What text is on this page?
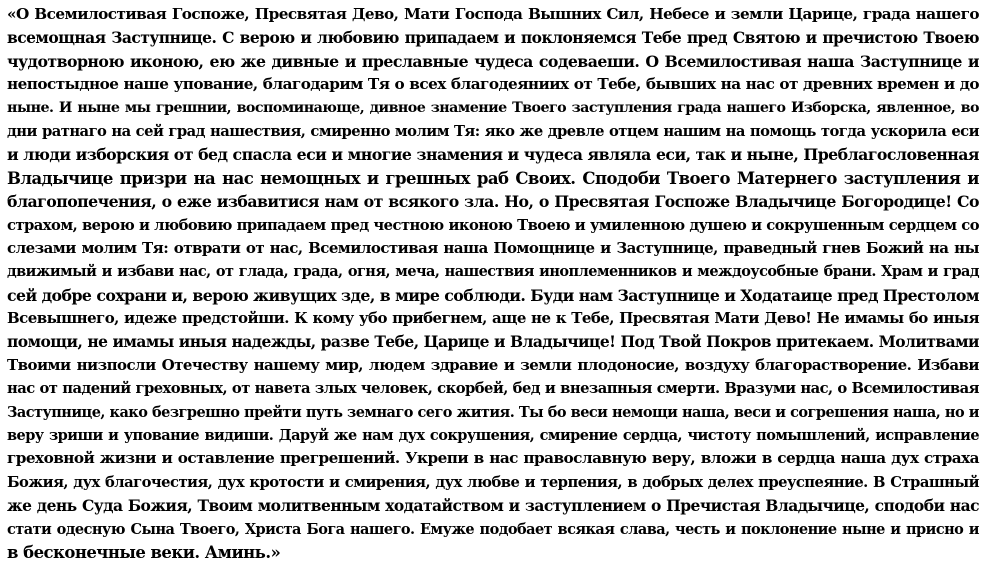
«О Всемилостивая Госпоже, Пресвятая Дево, Мати Господа Вышних Сил, Небесе и земли Царице, града нашего
всемощная Заступнице. С верою и любовию припадаем и поклоняемся Тебе пред Святою и пречистою Твоею
чудотворною иконою, ею же дивные и преславные чудеса содеваеши. О Всемилостивая наша Заступнице и
непостыдное наше упование, благодарим Тя о всех благодеяниих от Тебе, бывших на нас от древних времен и до
ныне. И ныне мы грешнии, воспоминающе, дивное знамение Твоего заступления града нашего Изборска, явленное, во
дни ратнаго на сей град нашествия, смиренно молим Тя: яко же древле отцем нашим на помощь тогда ускорила еси
и люди изборския от бед спасла еси и многие знамения и чудеса являла еси, так и ныне, Преблагословенная
Владычице призри на нас немощных и грешных раб Своих. Сподоби Твоего Матернего заступления и
благопопечения, о еже избавитися нам от всякого зла. Но, о Пресвятая Госпоже Владычице Богородице! Со
страхом, верою и любовию припадаем пред честною иконою Твоею и умиленною душею и сокрушенным сердцем со
слезами молим Тя: отврати от нас, Всемилостивая наша Помощнице и Заступнице, праведный гнев Божий на ны
движимый и избави нас, от глада, града, огня, меча, нашествия иноплеменников и междоусобные брани. Храм и град
сей добре сохрани и, верою живущих зде, в мире соблюди. Буди нам Заступнице и Ходатаице пред Престолом
Всевышнего, идеже предстойши. К кому убо прибегнем, аще не к Тебе, Пресвятая Мати Дево! Не имамы бо иныя
помощи, не имамы иныя надежды, разве Тебе, Царице и Владычице! Под Твой Покров притекаем. Молитвами
Твоими низпосли Отечеству нашему мир, людем здравие и земли плодоносие, воздуху благорастворение. Избави
нас от падений греховных, от навета злых человек, скорбей, бед и внезапныя смерти. Вразуми нас, о Всемилостивая
Заступнице, како безгрешно прейти путь земнаго сего жития. Ты бо веси немощи наша, веси и согрешения наша, но и
веру зриши и упование видиши. Даруй же нам дух сокрушения, смирение сердца, чистоту помышлений, исправление
греховной жизни и оставление прегрешений. Укрепи в нас православную веру, вложи в сердца наша дух страха
Божия, дух благочестия, дух кротости и смирения, дух любве и терпения, в добрых делех преуспеяние. В Страшный
же день Суда Божия, Твоим молитвенным ходатайством и заступлением о Пречистая Владычице, сподоби нас
стати одесную Сына Твоего, Христа Бога нашего. Емуже подобает всякая слава, честь и поклонение ныне и присно и
в бесконечные веки. Аминь.»
